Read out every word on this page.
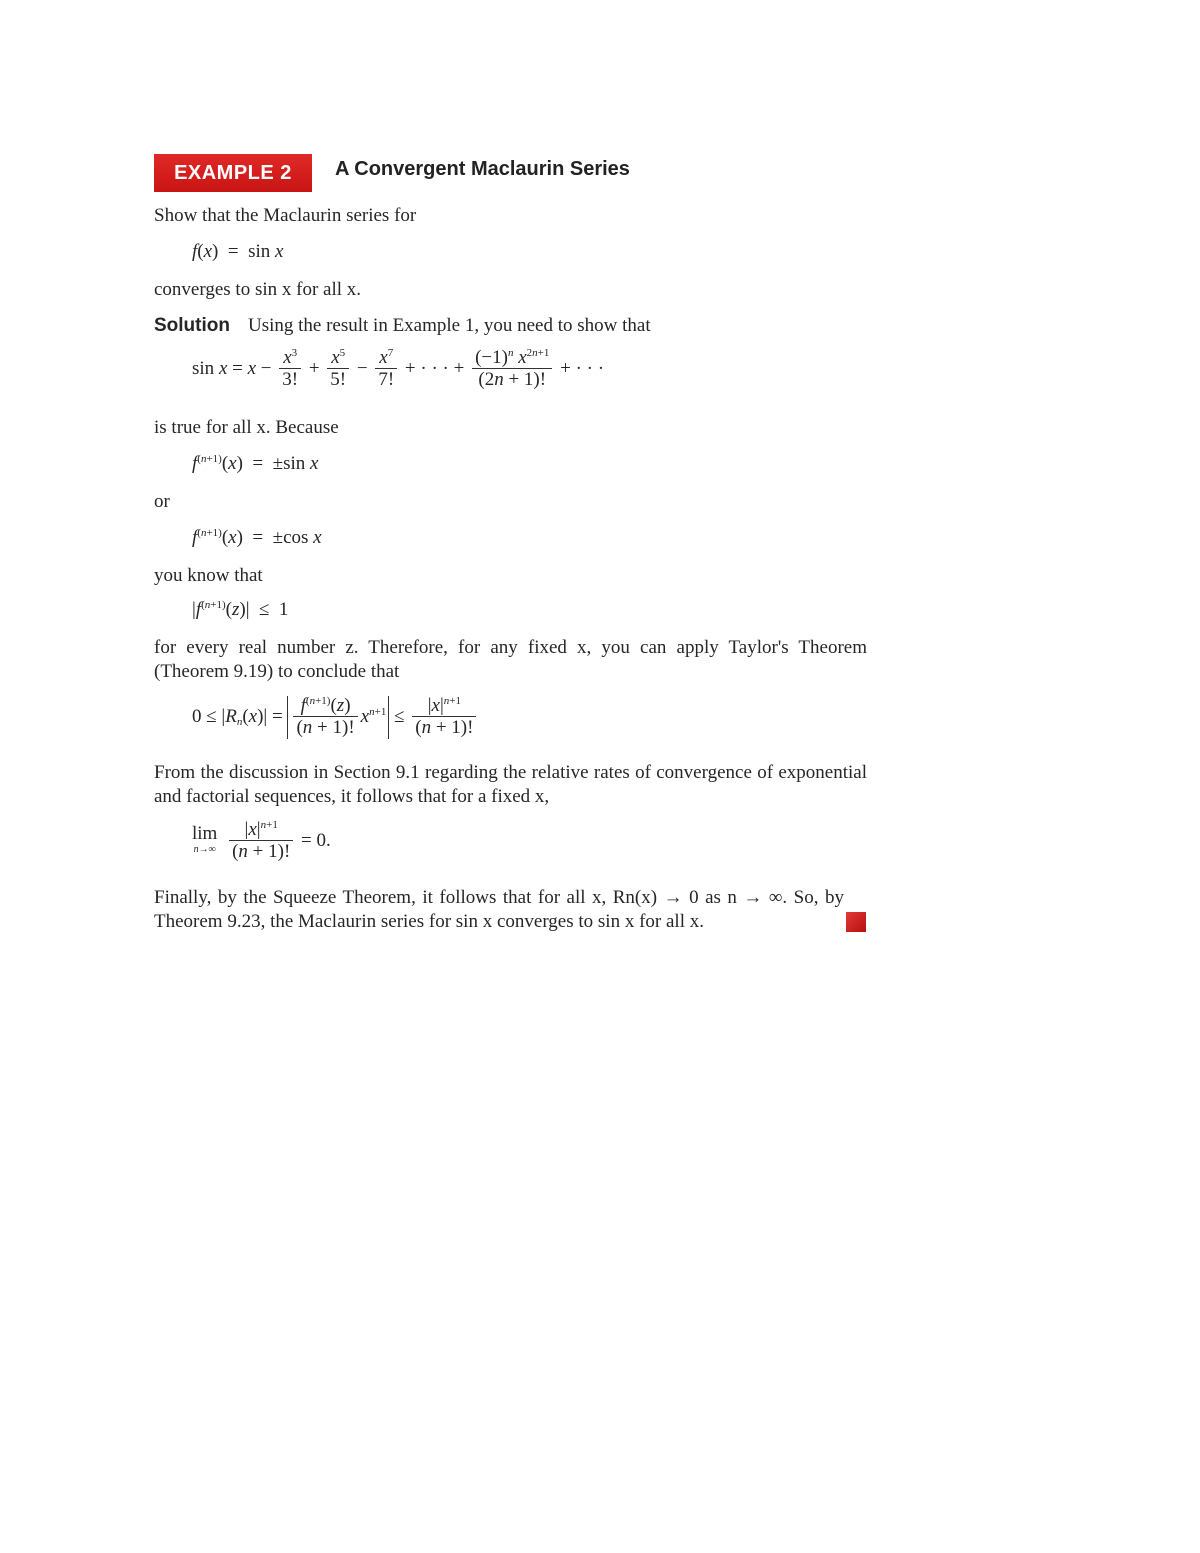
EXAMPLE 2	A Convergent Maclaurin Series
Show that the Maclaurin series for
f(x)  =  sin x
converges to sin x for all x.
Solution Using the result in Example 1, you need to show that
$\sin x = x - \frac{x^3}{3!} + \frac{x^5}{5!} - \frac{x^7}{7!}$ + · · · + $\frac{(-1)^n x^{2n+1}}{(2n + 1)!}$ + · · ·
is true for all x. Because
$f^{(n+1)}(x) = \pm\sin$ x
or
$f^{(n+1)}(x) = \pm\cos$ x
you know that
$|f^{(n+1)}(z)| \le 1$
for every real number z. Therefore, for any fixed x, you can apply Taylor's Theorem (Theorem 9.19) to conclude that
$0 \le |R_n(x)| = \frac{f^{(n+1)}(z)}{(n + 1)!} x^{n+1} \le \frac{|x|^{n+1}}{(n + 1)!}$
From the discussion in Section 9.1 regarding the relative rates of convergence of exponential and factorial sequences, it follows that for a fixed x,
lim
n→∞
$\frac{|x|^{n+1}}{(n + 1)!} = 0$.
Finally, by the Squeeze Theorem, it follows that for all x, Rn(x) → 0 as n → ∞. So, by Theorem 9.23, the Maclaurin series for sin x converges to sin x for all x.
